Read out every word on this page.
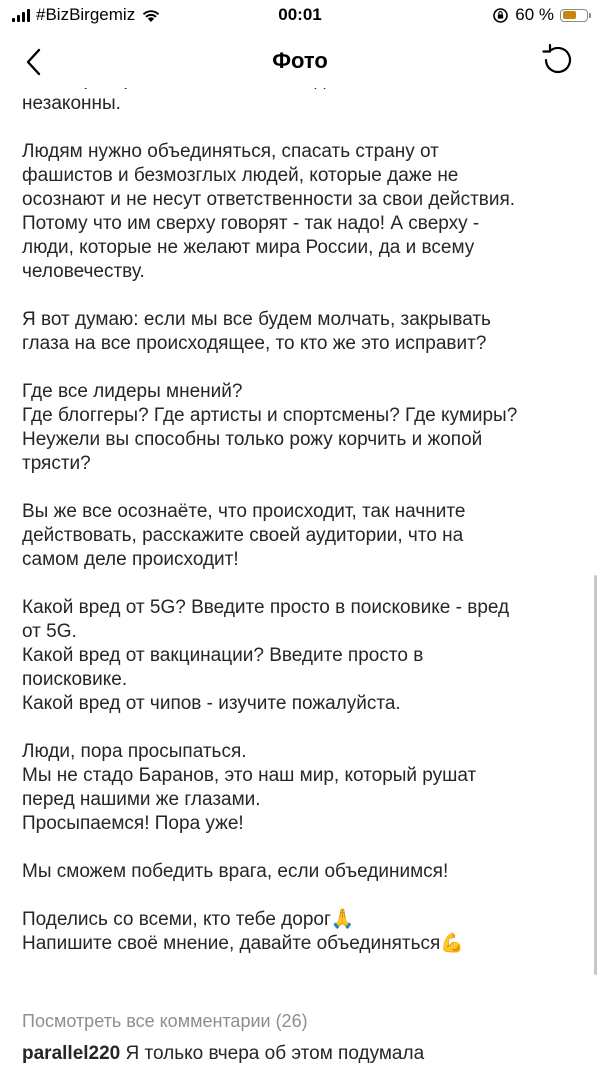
#BizBirgemiz	00:01	60 %
Фото
незаконны.
Людям нужно объединяться, спасать страну от
фашистов и безмозглых людей, которые даже не
осознают и не несут ответственности за свои действия.
Потому что им сверху говорят - так надо! А сверху -
люди, которые не желают мира России, да и всему
человечеству.
Я вот думаю: если мы все будем молчать, закрывать
глаза на все происходящее, то кто же это исправит?
Где все лидеры мнений?
Где блоггеры? Где артисты и спортсмены? Где кумиры?
Неужели вы способны только рожу корчить и жопой
трясти?
Вы же все осознаёте, что происходит, так начните
действовать, расскажите своей аудитории, что на
самом деле происходит!
Какой вред от 5G? Введите просто в поисковике - вред
от 5G.
Какой вред от вакцинации? Введите просто в
поисковике.
Какой вред от чипов - изучите пожалуйста.
Люди, пора просыпаться.
Мы не стадо Баранов, это наш мир, который рушат
перед нашими же глазами.
Просыпаемся! Пора уже!
Мы сможем победить врага, если объединимся!
Поделись со всеми, кто тебе дорог🙏
Напишите своё мнение, давайте объединяться💪
Посмотреть все комментарии (26)
parallel220 Я только вчера об этом подумала
